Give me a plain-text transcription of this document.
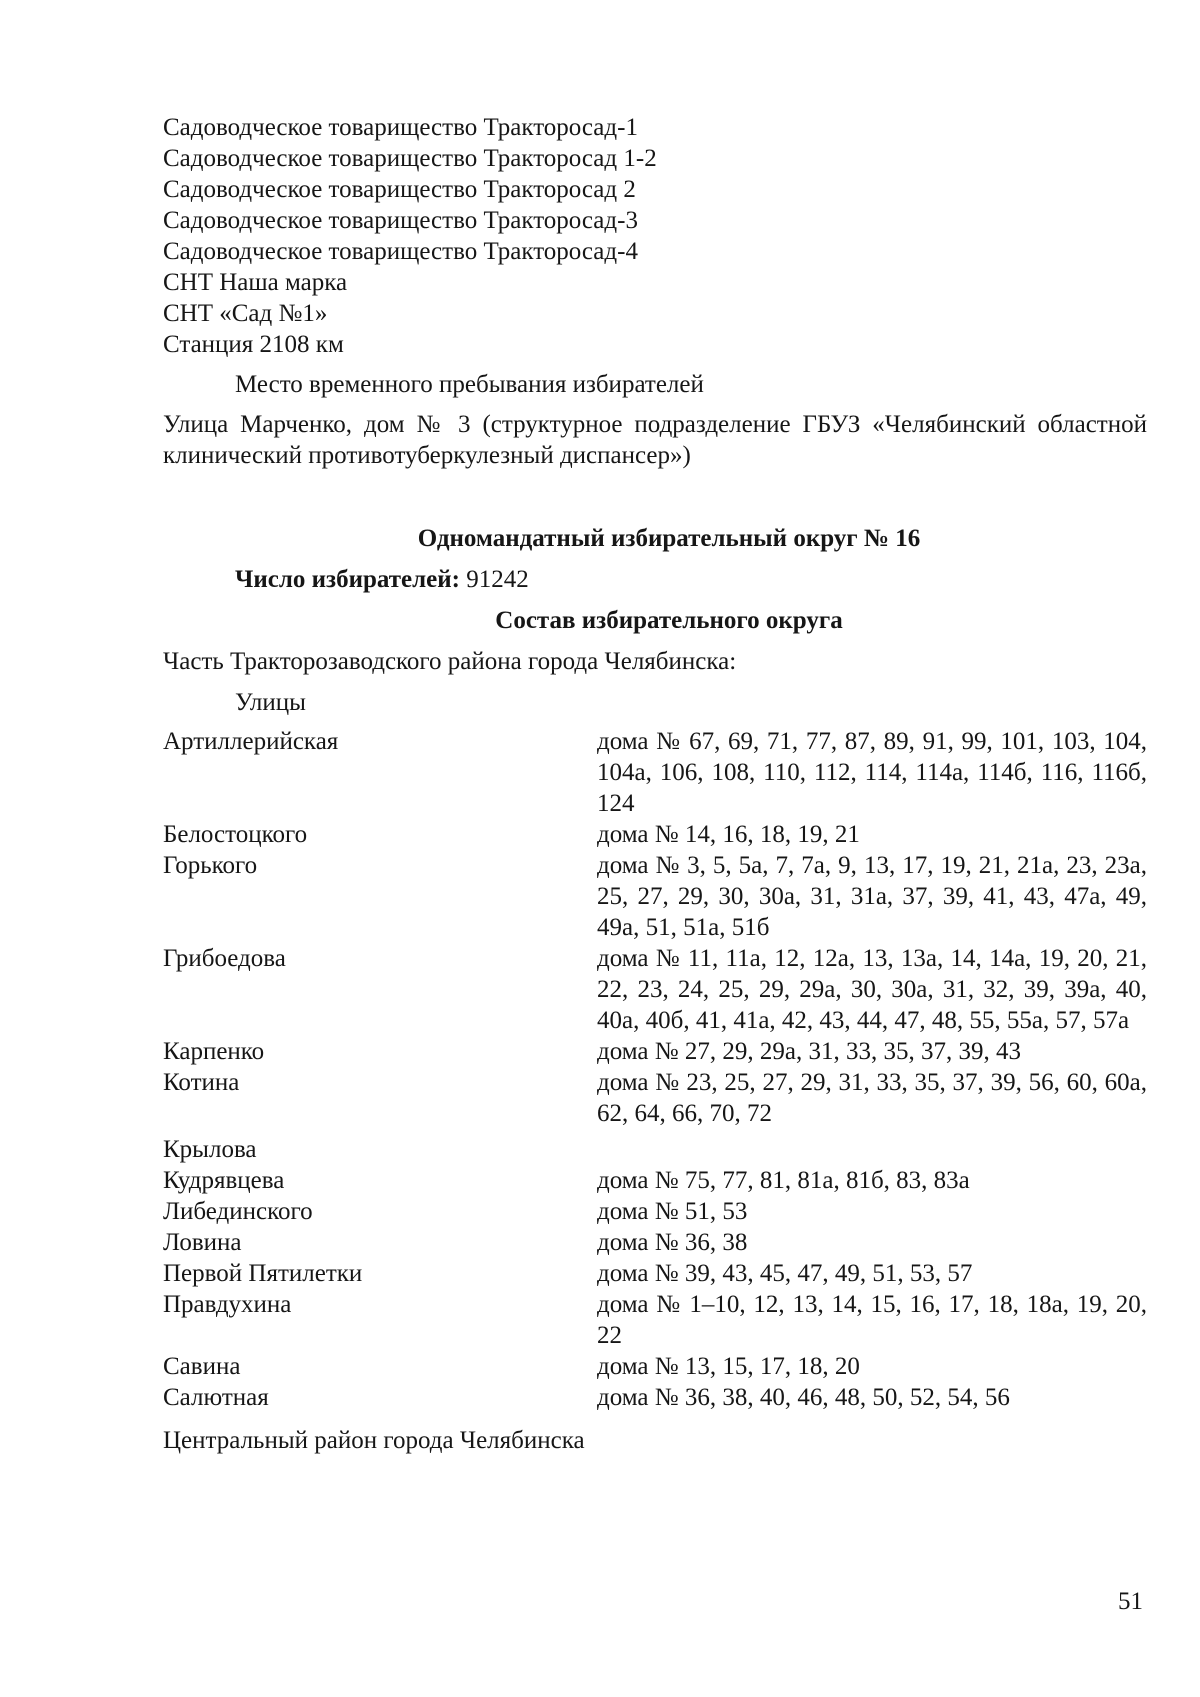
Садоводческое товарищество Тракторосад-1

Садоводческое товарищество Тракторосад 1-2

Садоводческое товарищество Тракторосад 2

Садоводческое товарищество Тракторосад-3

Садоводческое товарищество Тракторосад-4

СНТ Наша марка

СНТ «Сад №1»

Станция 2108 км

Место временного пребывания избирателей

Улица Марченко, дом № 3 (структурное подразделение ГБУЗ «Челябинский областной клинический противотуберкулезный диспансер»)

Одномандатный избирательный округ № 16

Число избирателей: 91242

Состав избирательного округа

Часть Тракторозаводского района города Челябинска:

Улицы

Артиллерийская	дома № 67, 69, 71, 77, 87, 89, 91, 99, 101, 103, 104, 104а, 106, 108, 110, 112, 114, 114а, 114б, 116, 116б, 124
Белостоцкого	дома № 14, 16, 18, 19, 21
Горького	дома № 3, 5, 5а, 7, 7а, 9, 13, 17, 19, 21, 21а, 23, 23а, 25, 27, 29, 30, 30а, 31, 31а, 37, 39, 41, 43, 47а, 49, 49а, 51, 51а, 51б
Грибоедова	дома № 11, 11а, 12, 12а, 13, 13а, 14, 14а, 19, 20, 21, 22, 23, 24, 25, 29, 29а, 30, 30а, 31, 32, 39, 39а, 40, 40а, 40б, 41, 41а, 42, 43, 44, 47, 48, 55, 55а, 57, 57а
Карпенко	дома № 27, 29, 29а, 31, 33, 35, 37, 39, 43
Котина	дома № 23, 25, 27, 29, 31, 33, 35, 37, 39, 56, 60, 60а, 62, 64, 66, 70, 72
Крылова
Кудрявцева	дома № 75, 77, 81, 81а, 81б, 83, 83а
Либединского	дома № 51, 53
Ловина	дома № 36, 38
Первой Пятилетки	дома № 39, 43, 45, 47, 49, 51, 53, 57
Правдухина	дома № 1–10, 12, 13, 14, 15, 16, 17, 18, 18а, 19, 20, 22
Савина	дома № 13, 15, 17, 18, 20
Салютная	дома № 36, 38, 40, 46, 48, 50, 52, 54, 56

Центральный район города Челябинска

51
